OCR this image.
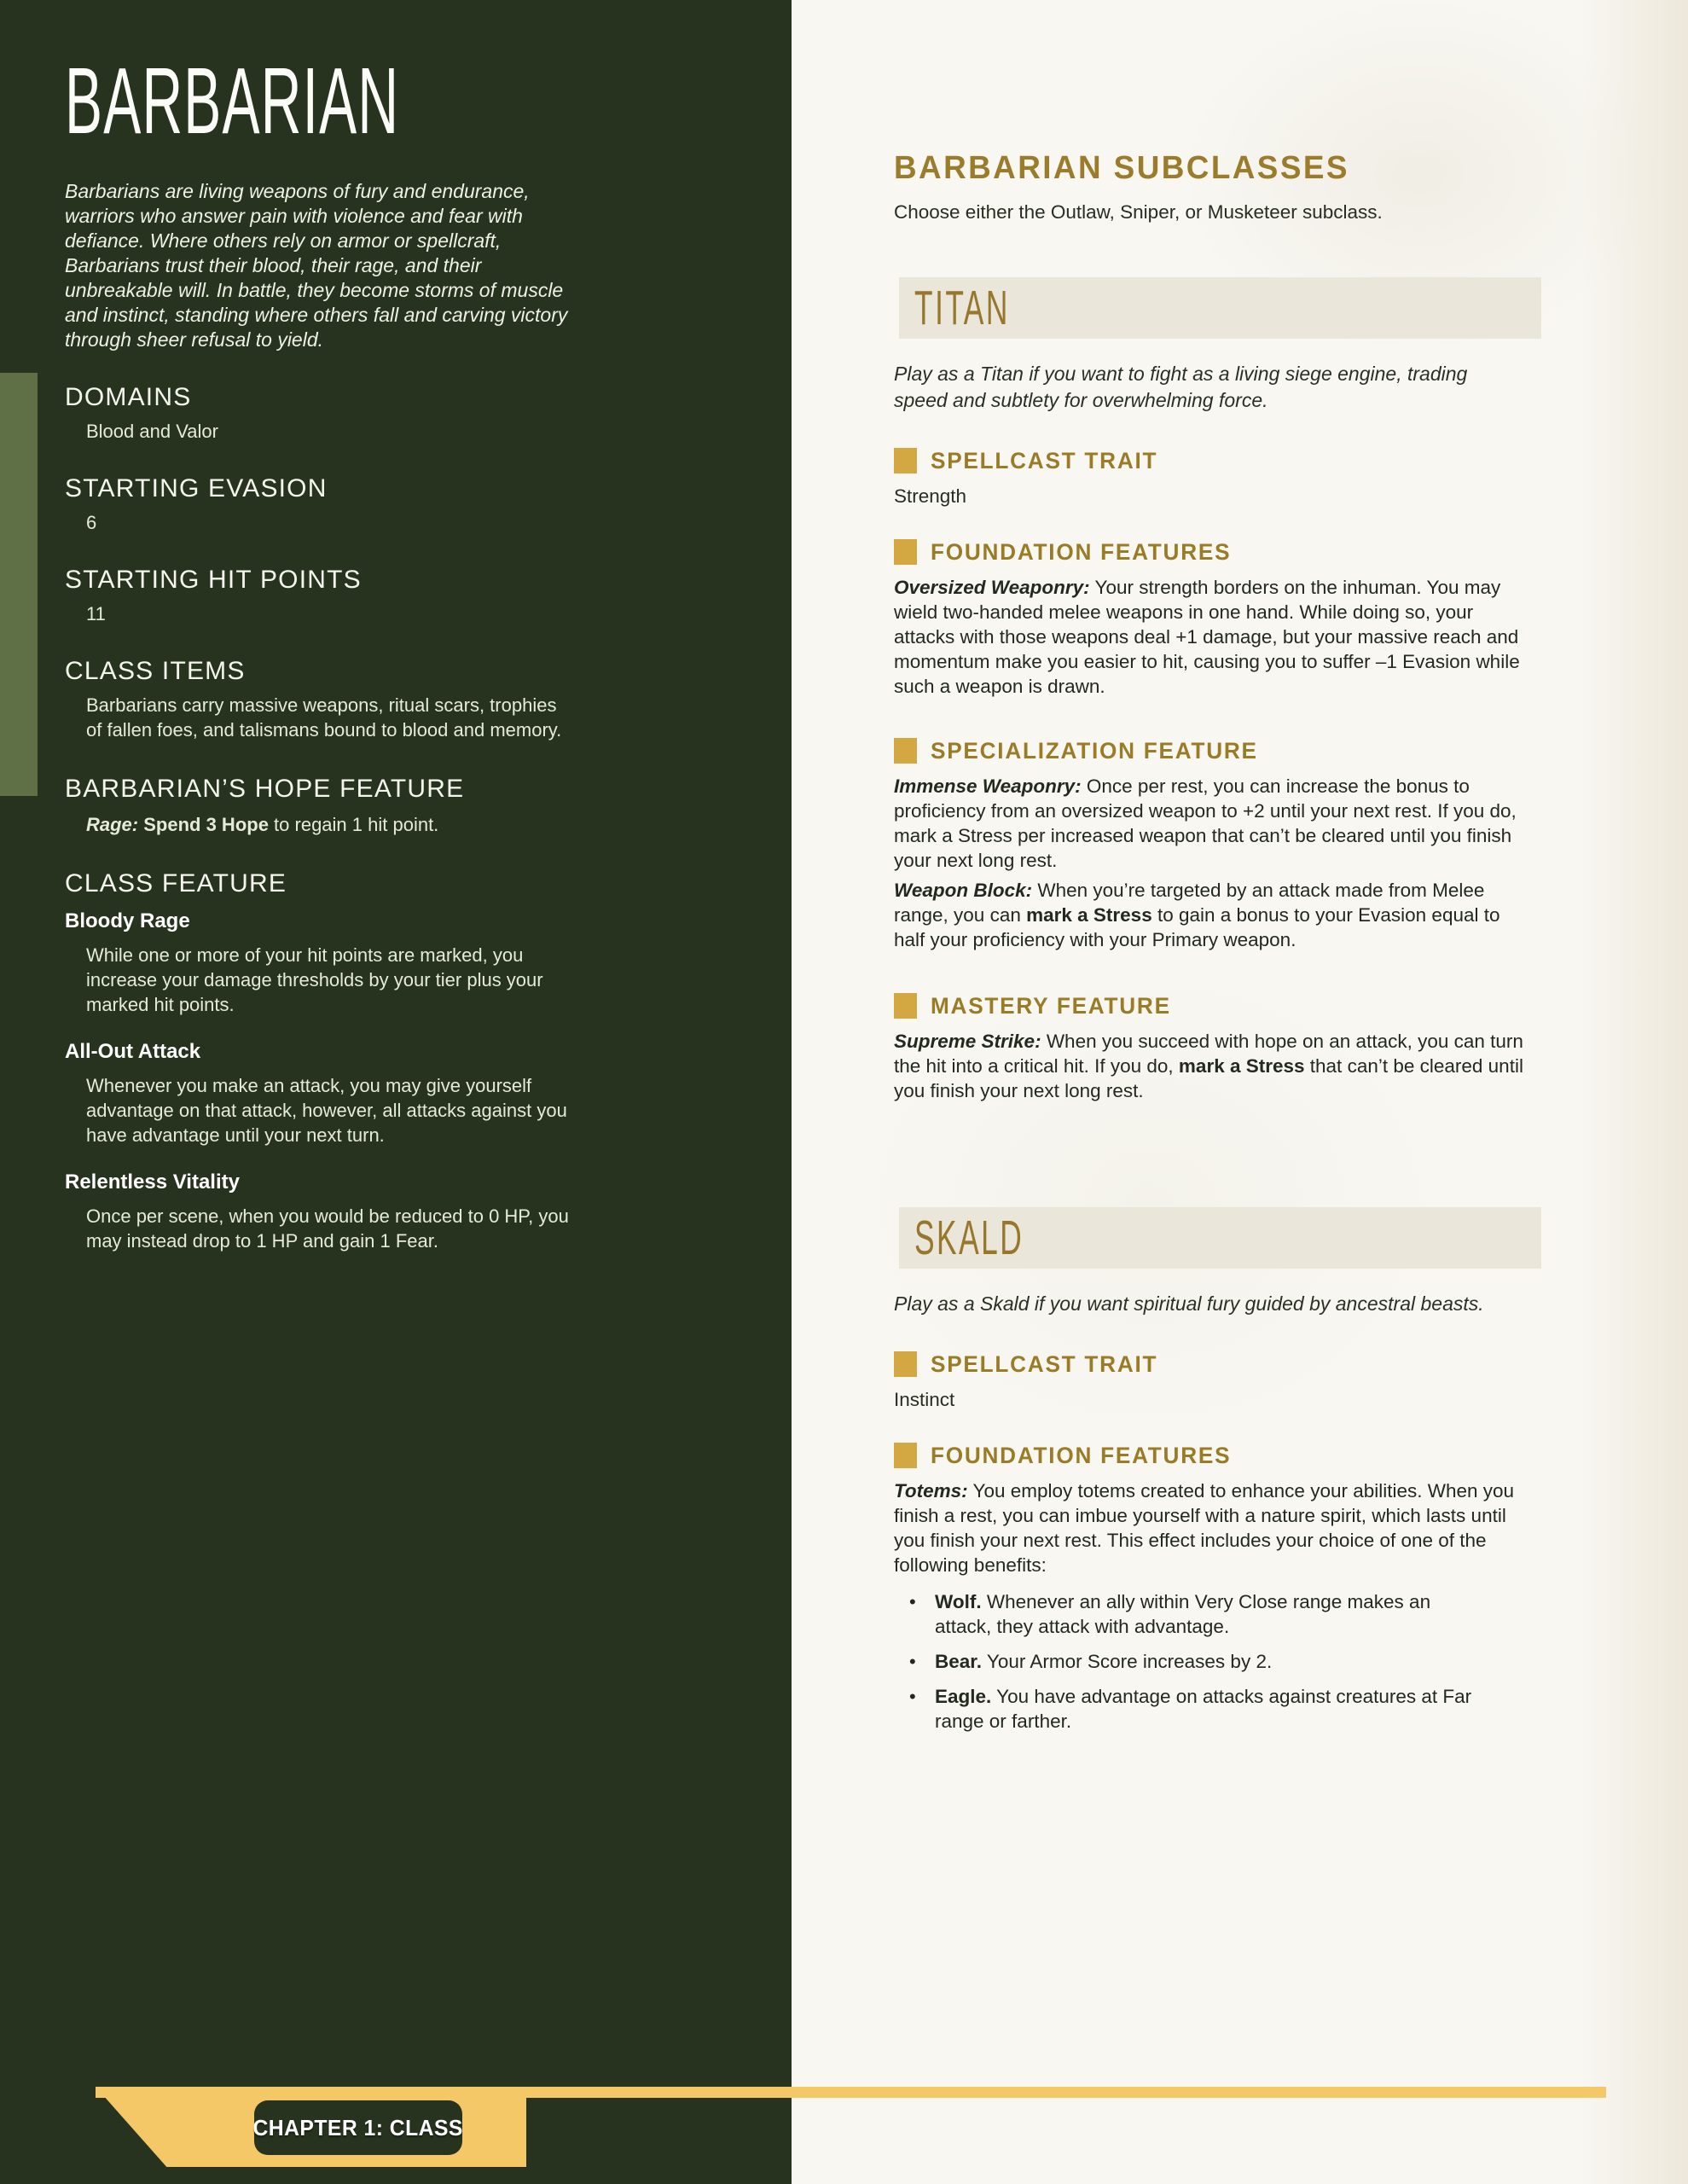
BARBARIAN
Barbarians are living weapons of fury and endurance, warriors who answer pain with violence and fear with defiance. Where others rely on armor or spellcraft, Barbarians trust their blood, their rage, and their unbreakable will. In battle, they become storms of muscle and instinct, standing where others fall and carving victory through sheer refusal to yield.
DOMAINS
Blood and Valor
STARTING EVASION
6
STARTING HIT POINTS
11
CLASS ITEMS
Barbarians carry massive weapons, ritual scars, trophies of fallen foes, and talismans bound to blood and memory.
BARBARIAN’S HOPE FEATURE
Rage: Spend 3 Hope to regain 1 hit point.
CLASS FEATURE
Bloody Rage
While one or more of your hit points are marked, you increase your damage thresholds by your tier plus your marked hit points.
All-Out Attack
Whenever you make an attack, you may give yourself advantage on that attack, however, all attacks against you have advantage until your next turn.
Relentless Vitality
Once per scene, when you would be reduced to 0 HP, you may instead drop to 1 HP and gain 1 Fear.
BARBARIAN SUBCLASSES
Choose either the Outlaw, Sniper, or Musketeer subclass.
TITAN
Play as a Titan if you want to fight as a living siege engine, trading speed and subtlety for overwhelming force.
SPELLCAST TRAIT
Strength
FOUNDATION FEATURES
Oversized Weaponry: Your strength borders on the inhuman. You may wield two-handed melee weapons in one hand. While doing so, your attacks with those weapons deal +1 damage, but your massive reach and momentum make you easier to hit, causing you to suffer –1 Evasion while such a weapon is drawn.
SPECIALIZATION FEATURE
Immense Weaponry: Once per rest, you can increase the bonus to proficiency from an oversized weapon to +2 until your next rest. If you do, mark a Stress per increased weapon that can’t be cleared until you finish your next long rest.
Weapon Block: When you’re targeted by an attack made from Melee range, you can mark a Stress to gain a bonus to your Evasion equal to half your proficiency with your Primary weapon.
MASTERY FEATURE
Supreme Strike: When you succeed with hope on an attack, you can turn the hit into a critical hit. If you do, mark a Stress that can’t be cleared until you finish your next long rest.
SKALD
Play as a Skald if you want spiritual fury guided by ancestral beasts.
SPELLCAST TRAIT
Instinct
FOUNDATION FEATURES
Totems: You employ totems created to enhance your abilities. When you finish a rest, you can imbue yourself with a nature spirit, which lasts until you finish your next rest. This effect includes your choice of one of the following benefits:
• Wolf. Whenever an ally within Very Close range makes an attack, they attack with advantage.
• Bear. Your Armor Score increases by 2.
• Eagle. You have advantage on attacks against creatures at Far range or farther.
CHAPTER 1: CLASS
